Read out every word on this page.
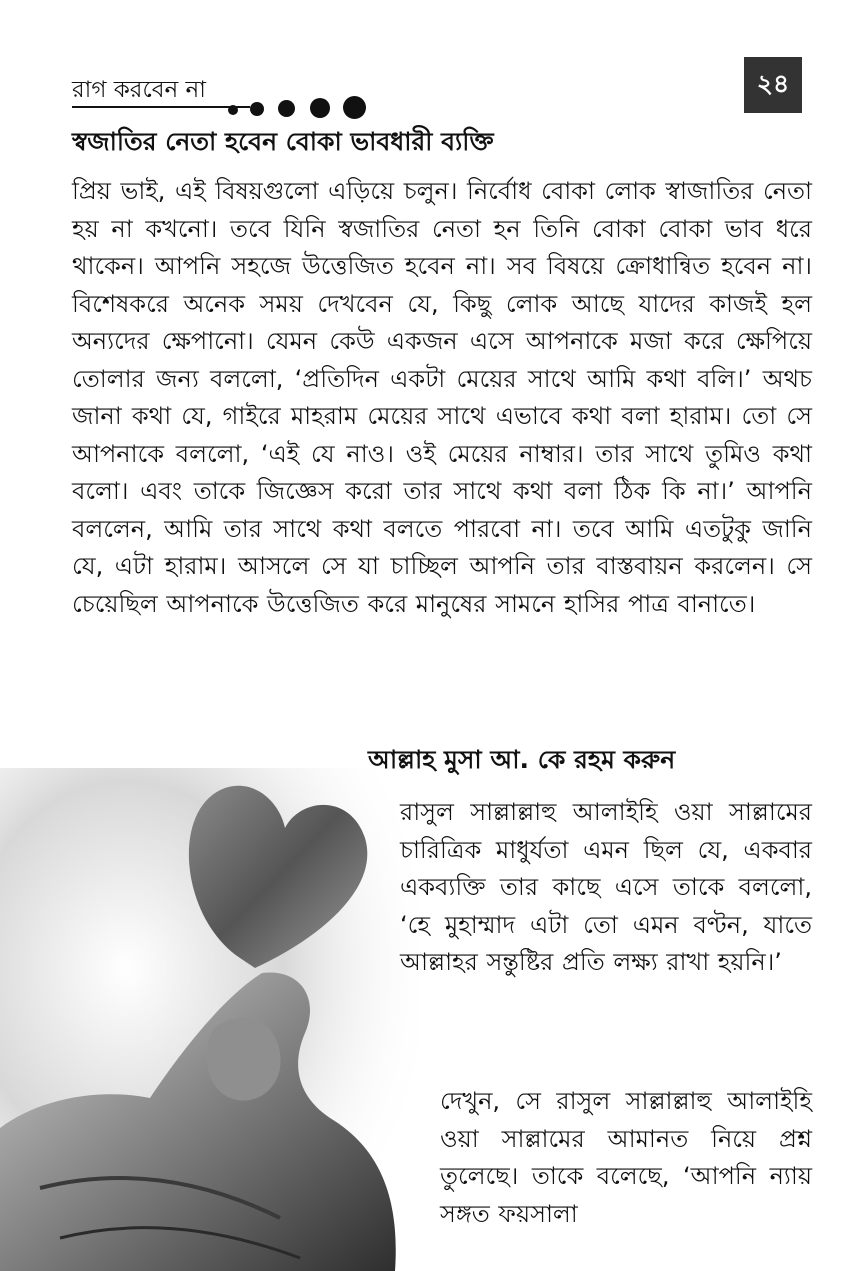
রাগ করবেন না	২৪
স্বজাতির নেতা হবেন বোকা ভাবধারী ব্যক্তি

প্রিয় ভাই, এই বিষয়গুলো এড়িয়ে চলুন। নির্বোধ বোকা লোক স্বাজাতির নেতা হয় না কখনো। তবে যিনি স্বজাতির নেতা হন তিনি বোকা বোকা ভাব ধরে থাকেন। আপনি সহজে উত্তেজিত হবেন না। সব বিষয়ে ক্রোধান্বিত হবেন না। বিশেষকরে অনেক সময় দেখবেন যে, কিছু লোক আছে যাদের কাজই হল অন্যদের ক্ষেপানো। যেমন কেউ একজন এসে আপনাকে মজা করে ক্ষেপিয়ে তোলার জন্য বললো, ‘প্রতিদিন একটা মেয়ের সাথে আমি কথা বলি।’ অথচ জানা কথা যে, গাইরে মাহরাম মেয়ের সাথে এভাবে কথা বলা হারাম। তো সে আপনাকে বললো, ‘এই যে নাও। ওই মেয়ের নাম্বার। তার সাথে তুমিও কথা বলো। এবং তাকে জিজ্ঞেস করো তার সাথে কথা বলা ঠিক কি না।’ আপনি বললেন, আমি তার সাথে কথা বলতে পারবো না। তবে আমি এতটুকু জানি যে, এটা হারাম। আসলে সে যা চাচ্ছিল আপনি তার বাস্তবায়ন করলেন। সে চেয়েছিল আপনাকে উত্তেজিত করে মানুষের সামনে হাসির পাত্র বানাতে।

আল্লাহ মুসা আ. কে রহম করুন

রাসুল সাল্লাল্লাহু আলাইহি ওয়া সাল্লামের চারিত্রিক মাধুর্যতা এমন ছিল যে, একবার একব্যক্তি তার কাছে এসে তাকে বললো, ‘হে মুহাম্মাদ এটা তো এমন বণ্টন, যাতে আল্লাহর সন্তুষ্টির প্রতি লক্ষ্য রাখা হয়নি।’

দেখুন, সে রাসুল সাল্লাল্লাহু আলাইহি ওয়া সাল্লামের আমানত নিয়ে প্রশ্ন তুলেছে। তাকে বলেছে, ‘আপনি ন্যায় সঙ্গত ফয়সালা
